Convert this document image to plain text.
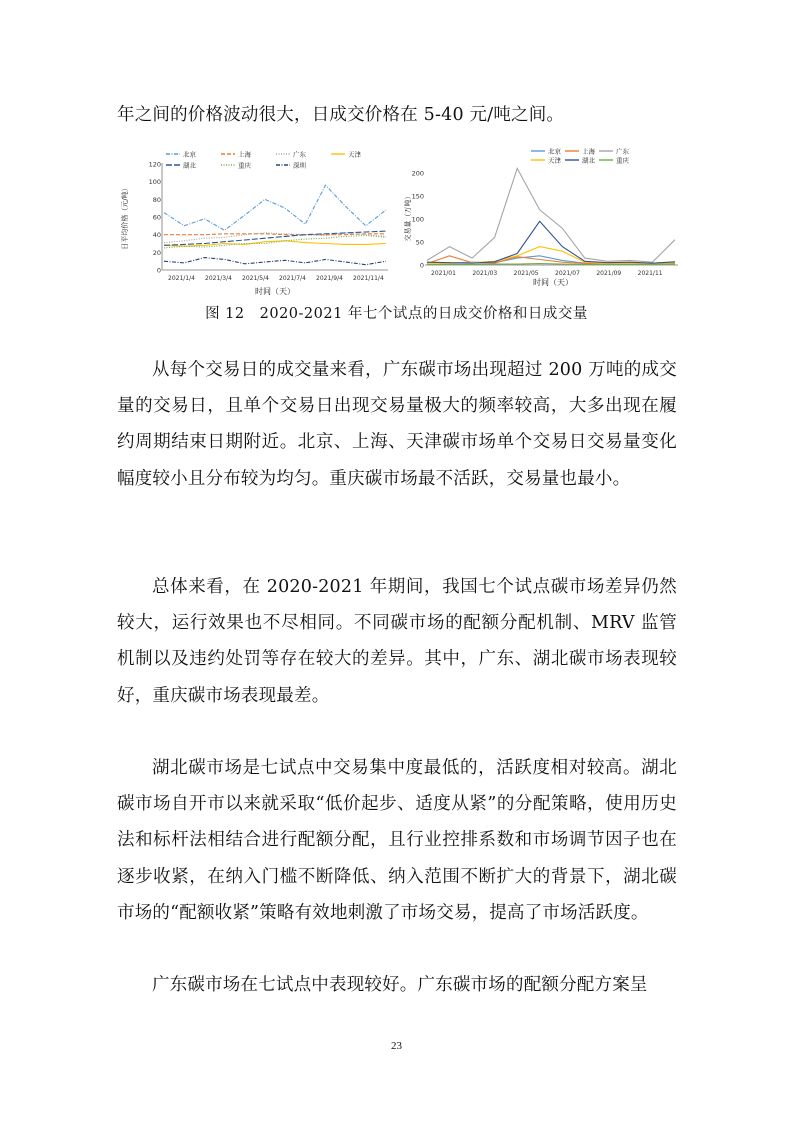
年之间的价格波动很大，日成交价格在 5-40 元/吨之间。

0
20
40
60
80
100
120
2021/1/4 2021/3/4 2021/5/4 2021/7/4 2021/9/4 2021/11/4
北京	上海	广东	天津
湖北	重庆	深圳
日平均价格（元/吨）
时间（天）
0
50
100
150
200
2021/01	2021/03	2021/05	2021/07	2021/09	2021/11
北京	上海	广东
天津	湖北	重庆
交易量（万吨）
时间（天）
图 12　2020-2021 年七个试点的日成交价格和日成交量

从每个交易日的成交量来看，广东碳市场出现超过 200 万吨的成交量的交易日，且单个交易日出现交易量极大的频率较高，大多出现在履约周期结束日期附近。北京、上海、天津碳市场单个交易日交易量变化幅度较小且分布较为均匀。重庆碳市场最不活跃，交易量也最小。

总体来看，在 2020-2021 年期间，我国七个试点碳市场差异仍然较大，运行效果也不尽相同。不同碳市场的配额分配机制、MRV 监管机制以及违约处罚等存在较大的差异。其中，广东、湖北碳市场表现较好，重庆碳市场表现最差。

湖北碳市场是七试点中交易集中度最低的，活跃度相对较高。湖北碳市场自开市以来就采取“低价起步、适度从紧”的分配策略，使用历史法和标杆法相结合进行配额分配，且行业控排系数和市场调节因子也在逐步收紧，在纳入门槛不断降低、纳入范围不断扩大的背景下，湖北碳市场的“配额收紧”策略有效地刺激了市场交易，提高了市场活跃度。

广东碳市场在七试点中表现较好。广东碳市场的配额分配方案呈

23
